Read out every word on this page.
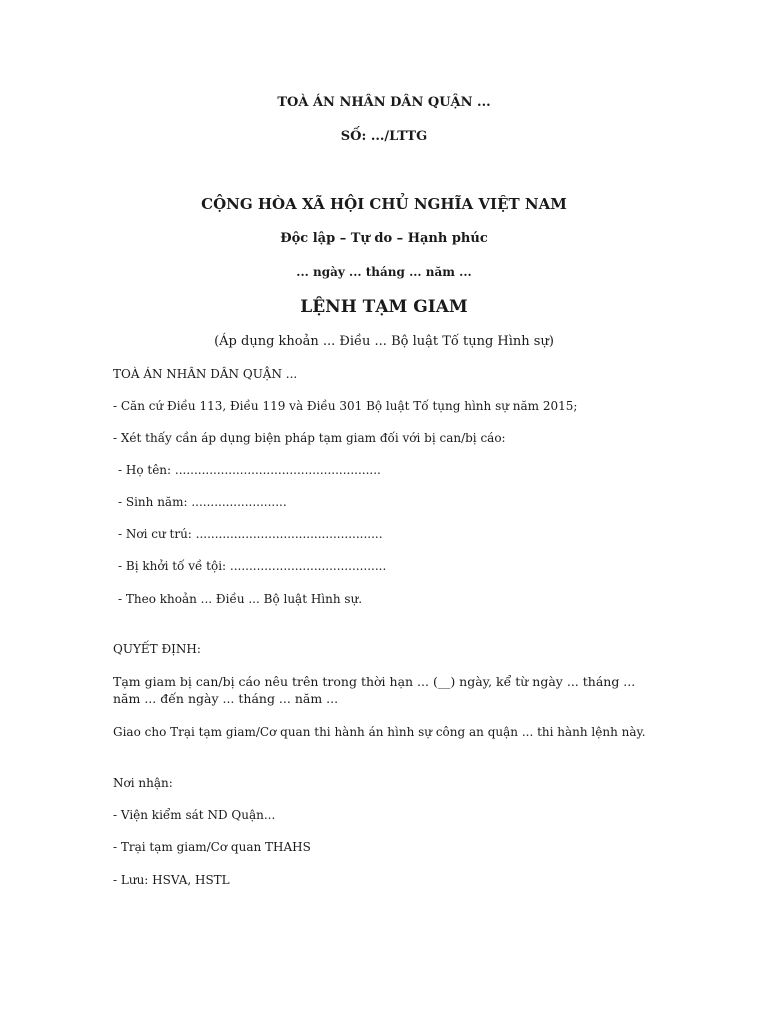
TOÀ ÁN NHÂN DÂN QUẬN ...
SỐ: .../LTTG
CỘNG HÒA XÃ HỘI CHỦ NGHĨA VIỆT NAM
Độc lập – Tự do – Hạnh phúc
... ngày ... tháng ... năm ...
LỆNH TẠM GIAM
(Áp dụng khoản ... Điều ... Bộ luật Tố tụng Hình sự)
TOÀ ÁN NHÂN DÂN QUẬN ...
- Căn cứ Điều 113, Điều 119 và Điều 301 Bộ luật Tố tụng hình sự năm 2015;
- Xét thấy cần áp dụng biện pháp tạm giam đối với bị can/bị cáo:
- Họ tên: ......................................................
- Sinh năm: .........................
- Nơi cư trú: .................................................
- Bị khởi tố về tội: .........................................
- Theo khoản ... Điều ... Bộ luật Hình sự.
QUYẾT ĐỊNH:
Tạm giam bị can/bị cáo nêu trên trong thời hạn ... (__) ngày, kể từ ngày ... tháng ... năm ... đến ngày ... tháng ... năm ...
Giao cho Trại tạm giam/Cơ quan thi hành án hình sự công an quận ... thi hành lệnh này.
Nơi nhận:
- Viện kiểm sát ND Quận...
- Trại tạm giam/Cơ quan THAHS
- Lưu: HSVA, HSTL
